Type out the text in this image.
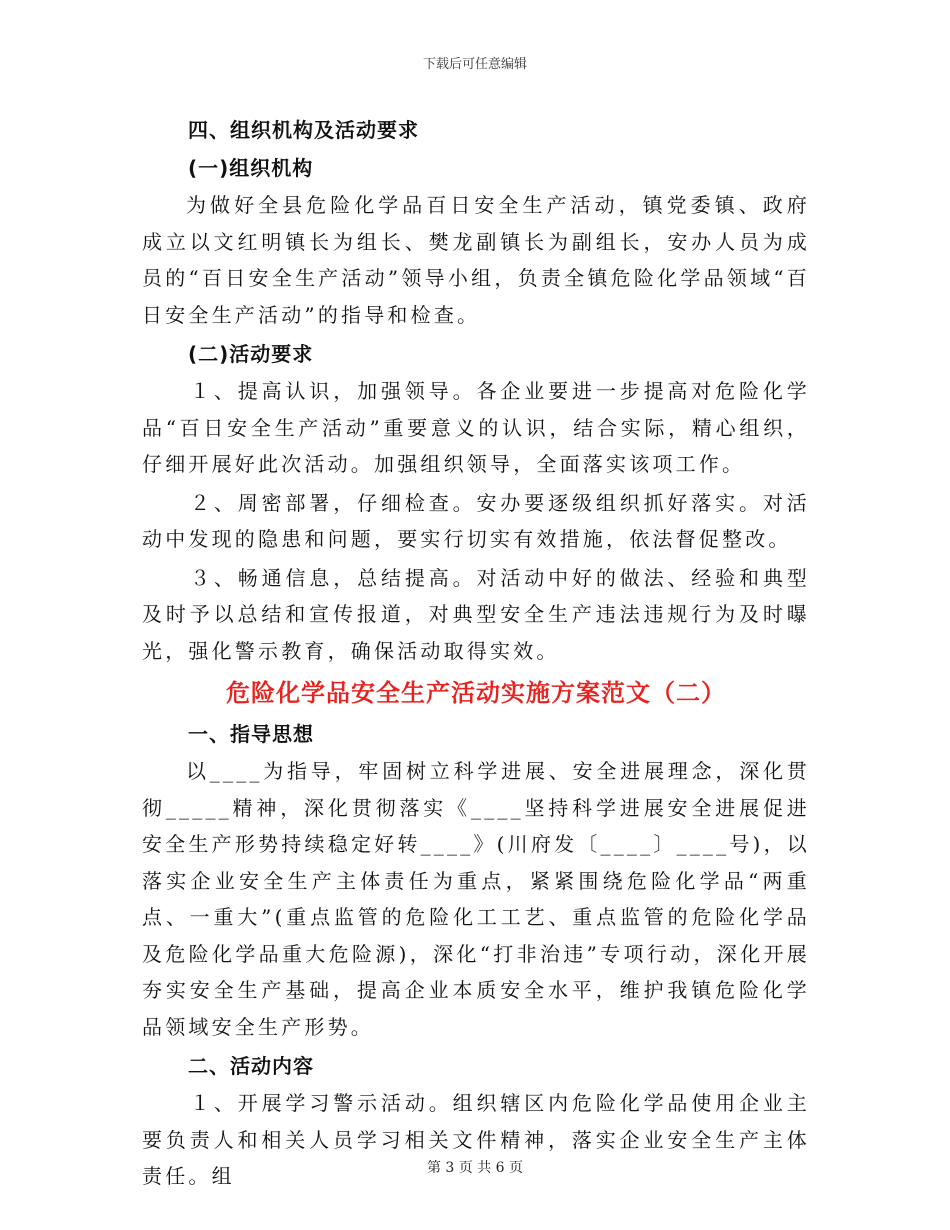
下载后可任意编辑
四、组织机构及活动要求
(一)组织机构

为做好全县危险化学品百日安全生产活动，镇党委镇、政府成立以文红明镇长为组长、樊龙副镇长为副组长，安办人员为成员的“百日安全生产活动”领导小组，负责全镇危险化学品领域“百日安全生产活动”的指导和检查。

(二)活动要求

１、提高认识，加强领导。各企业要进一步提高对危险化学品“百日安全生产活动”重要意义的认识，结合实际，精心组织，仔细开展好此次活动。加强组织领导，全面落实该项工作。

２、周密部署，仔细检查。安办要逐级组织抓好落实。对活动中发现的隐患和问题，要实行切实有效措施，依法督促整改。

３、畅通信息，总结提高。对活动中好的做法、经验和典型及时予以总结和宣传报道，对典型安全生产违法违规行为及时曝光，强化警示教育，确保活动取得实效。

危险化学品安全生产活动实施方案范文（二）
一、指导思想

以____为指导，牢固树立科学进展、安全进展理念，深化贯彻_____精神，深化贯彻落实《____坚持科学进展安全进展促进安全生产形势持续稳定好转____》(川府发〔____〕____号)，以落实企业安全生产主体责任为重点，紧紧围绕危险化学品“两重点、一重大”(重点监管的危险化工工艺、重点监管的危险化学品及危险化学品重大危险源)，深化“打非治违”专项行动，深化开展夯实安全生产基础，提高企业本质安全水平，维护我镇危险化学品领域安全生产形势。

二、活动内容

１、开展学习警示活动。组织辖区内危险化学品使用企业主要负责人和相关人员学习相关文件精神，落实企业安全生产主体责任。组	第 3 页 共 6 页
